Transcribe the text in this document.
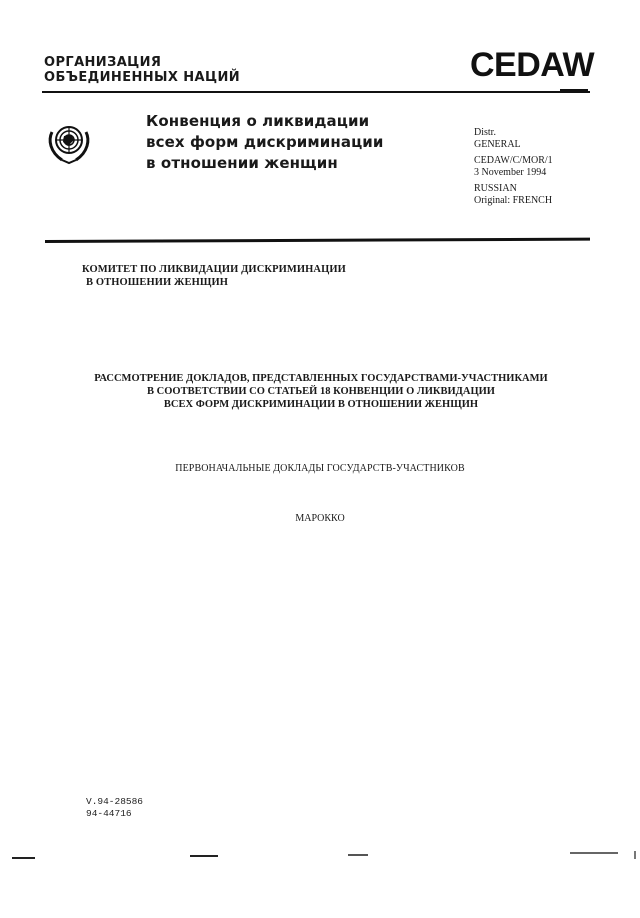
ОРГАНИЗАЦИЯ
ОБЪЕДИНЕННЫХ НАЦИЙ	CEDAW
Конвенция о ликвидации
всех форм дискриминации
в отношении женщин
Distr.
GENERAL
CEDAW/C/MOR/1
3 November 1994
RUSSIAN
Original: FRENCH
КОМИТЕТ ПО ЛИКВИДАЦИИ ДИСКРИМИНАЦИИ
В ОТНОШЕНИИ ЖЕНЩИН
РАССМОТРЕНИЕ ДОКЛАДОВ, ПРЕДСТАВЛЕННЫХ ГОСУДАРСТВАМИ-УЧАСТНИКАМИ
В СООТВЕТСТВИИ СО СТАТЬЕЙ 18 КОНВЕНЦИИ О ЛИКВИДАЦИИ
ВСЕХ ФОРМ ДИСКРИМИНАЦИИ В ОТНОШЕНИИ ЖЕНЩИН
ПЕРВОНАЧАЛЬНЫЕ ДОКЛАДЫ ГОСУДАРСТВ-УЧАСТНИКОВ
МАРОККО
V.94-28586
94-44716
